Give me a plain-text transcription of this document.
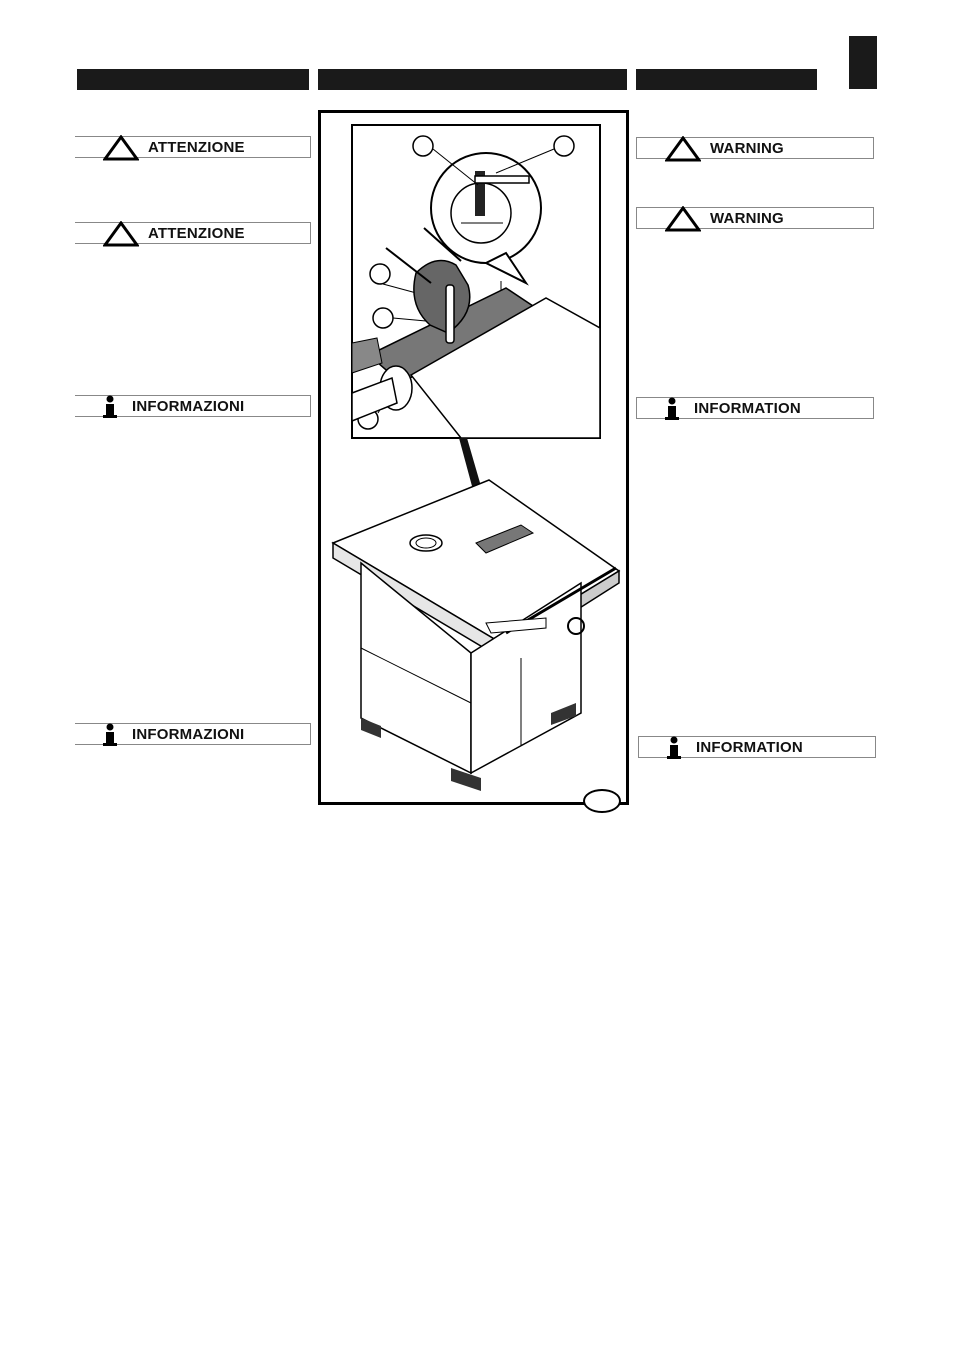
ATTENZIONE
ATTENZIONE
INFORMAZIONI
INFORMAZIONI
WARNING
WARNING
INFORMATION
INFORMATION
